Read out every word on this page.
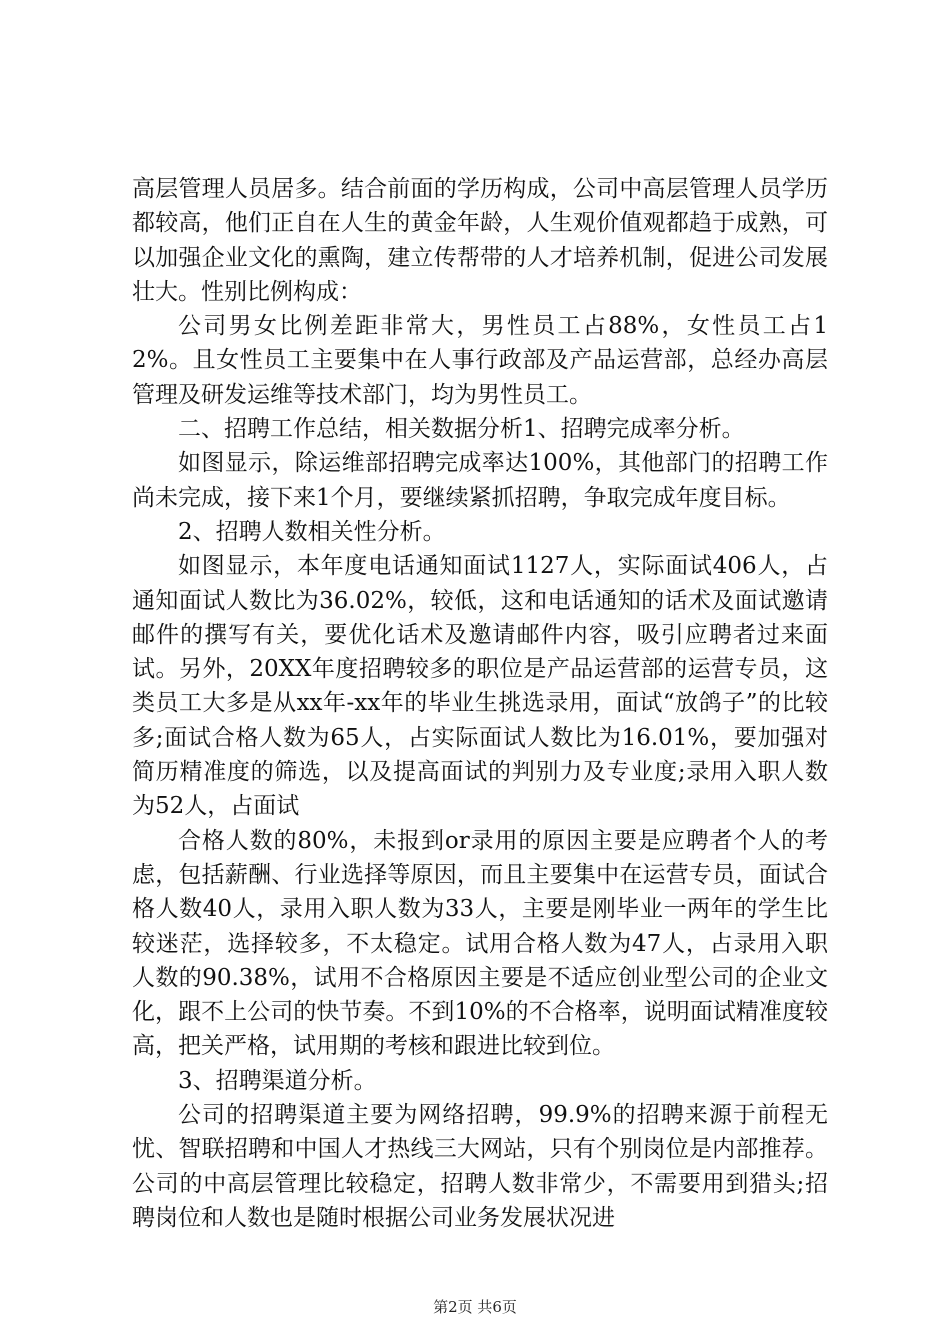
高层管理人员居多。结合前面的学历构成，公司中高层管理人员学历都较高，他们正自在人生的黄金年龄，人生观价值观都趋于成熟，可以加强企业文化的熏陶，建立传帮带的人才培养机制，促进公司发展壮大。性别比例构成：

公司男女比例差距非常大，男性员工占88%，女性员工占12%。且女性员工主要集中在人事行政部及产品运营部，总经办高层管理及研发运维等技术部门，均为男性员工。

二、招聘工作总结，相关数据分析1、招聘完成率分析。

如图显示，除运维部招聘完成率达100%，其他部门的招聘工作尚未完成，接下来1个月，要继续紧抓招聘，争取完成年度目标。

2、招聘人数相关性分析。

如图显示，本年度电话通知面试1127人，实际面试406人，占通知面试人数比为36.02%，较低，这和电话通知的话术及面试邀请邮件的撰写有关，要优化话术及邀请邮件内容，吸引应聘者过来面试。另外，20XX年度招聘较多的职位是产品运营部的运营专员，这类员工大多是从xx年-xx年的毕业生挑选录用，面试“放鸽子”的比较多;面试合格人数为65人，占实际面试人数比为16.01%，要加强对简历精准度的筛选，以及提高面试的判别力及专业度;录用入职人数为52人，占面试

合格人数的80%，未报到or录用的原因主要是应聘者个人的考虑，包括薪酬、行业选择等原因，而且主要集中在运营专员，面试合格人数40人，录用入职人数为33人，主要是刚毕业一两年的学生比较迷茫，选择较多，不太稳定。试用合格人数为47人，占录用入职人数的90.38%，试用不合格原因主要是不适应创业型公司的企业文化，跟不上公司的快节奏。不到10%的不合格率，说明面试精准度较高，把关严格，试用期的考核和跟进比较到位。

3、招聘渠道分析。

公司的招聘渠道主要为网络招聘，99.9%的招聘来源于前程无忧、智联招聘和中国人才热线三大网站，只有个别岗位是内部推荐。公司的中高层管理比较稳定，招聘人数非常少，不需要用到猎头;招聘岗位和人数也是随时根据公司业务发展状况进

第2页 共6页
